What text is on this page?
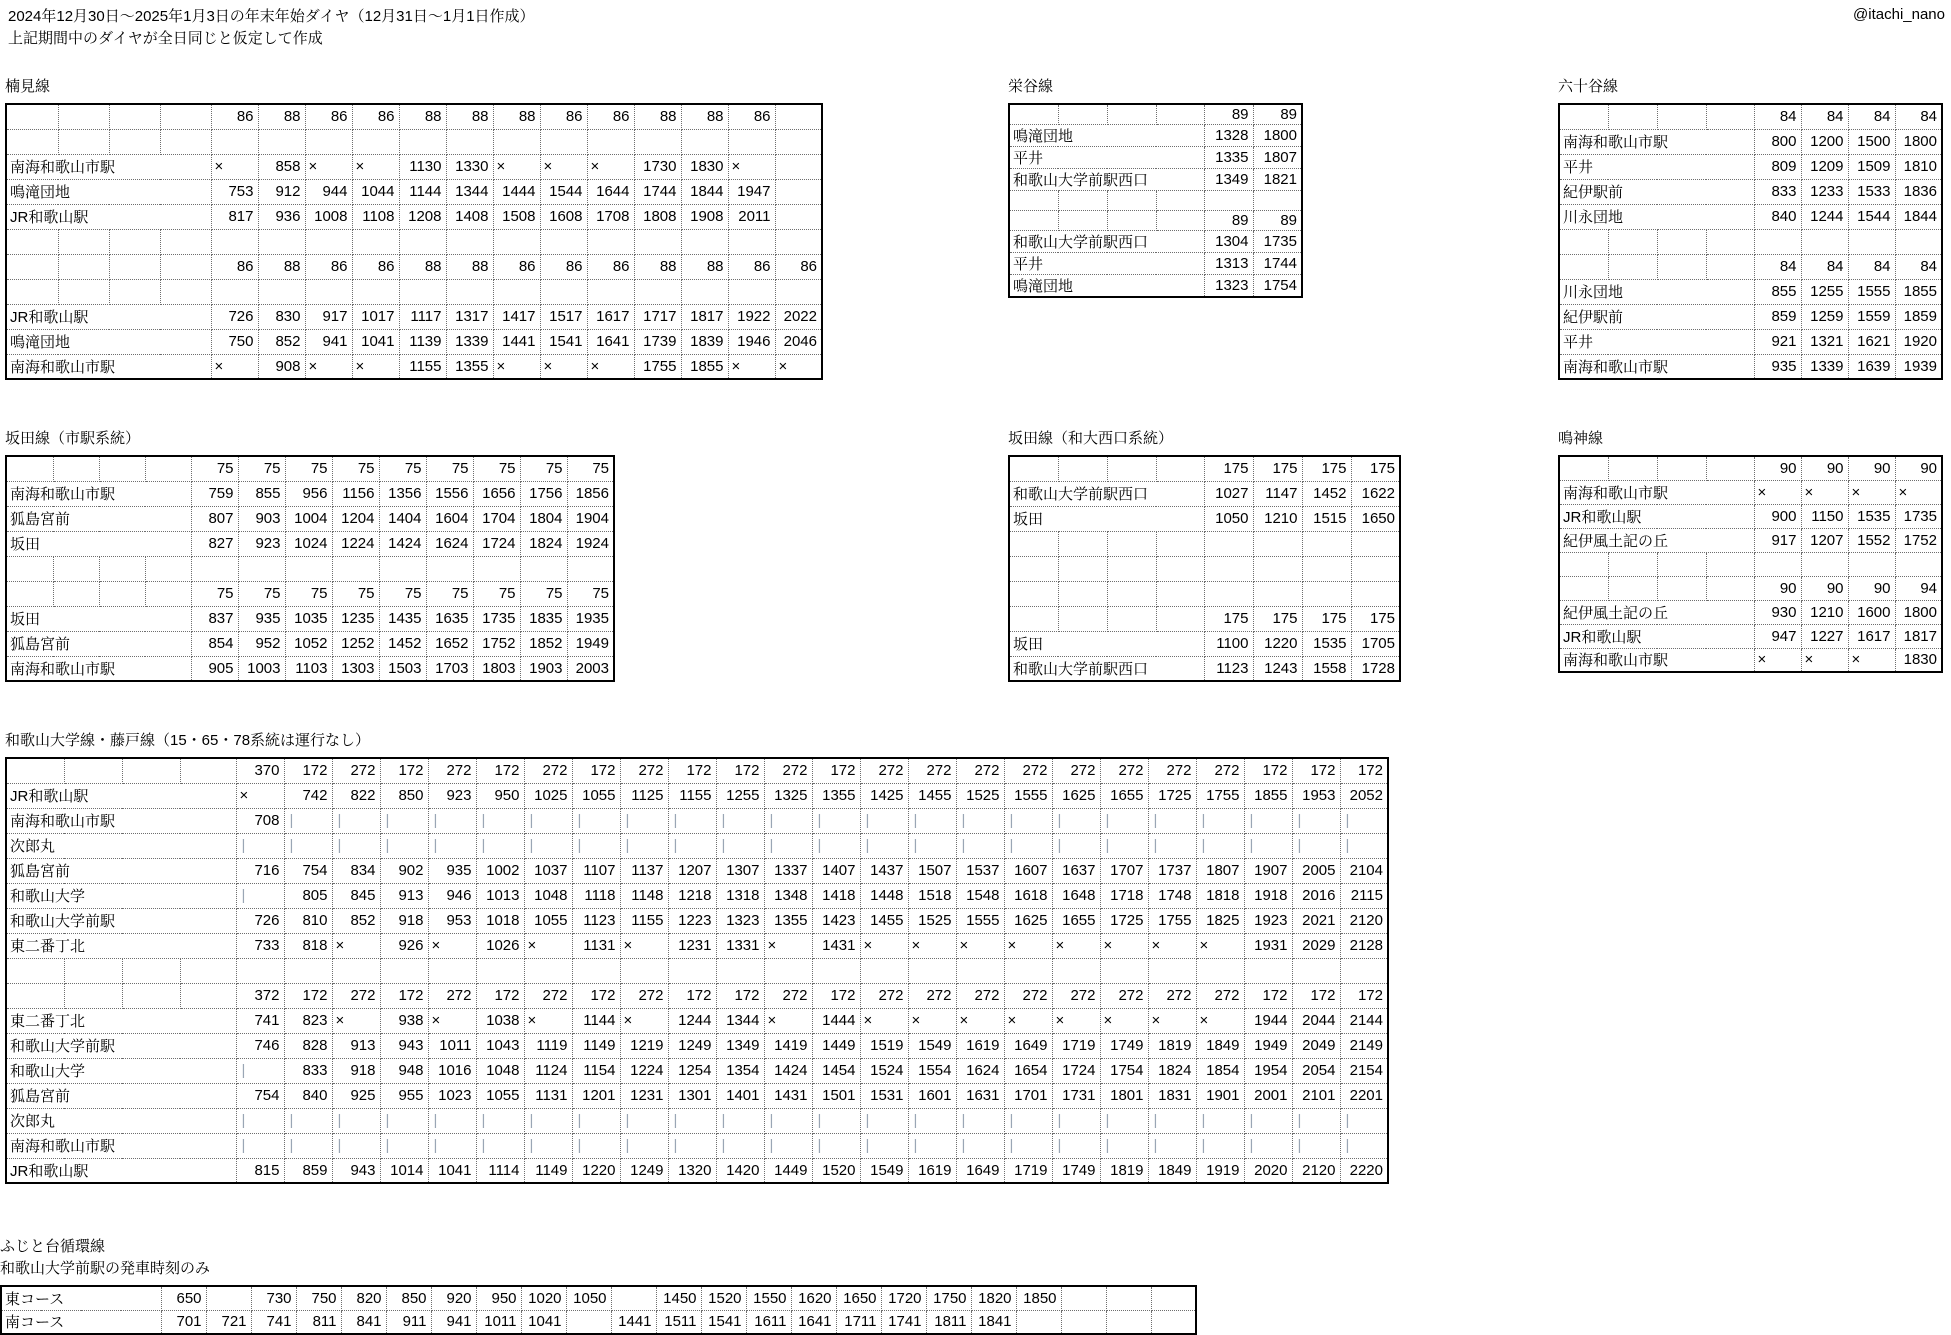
2024年12月30日～2025年1月3日の年末年始ダイヤ（12月31日～1月1日作成）
上記期間中のダイヤが全日同じと仮定して作成
@itachi_nano
楠見線
				86	88	86	86	88	88	88	86	86	88	88	86	

南海和歌山市駅				×	858	×	×	1130	1330	×	×	×	1730	1830	×	
鳴滝団地				753	912	944	1044	1144	1344	1444	1544	1644	1744	1844	1947	
JR和歌山駅				817	936	1008	1108	1208	1408	1508	1608	1708	1808	1908	2011	

				86	88	86	86	88	88	86	86	86	88	88	86	86

JR和歌山駅				726	830	917	1017	1117	1317	1417	1517	1617	1717	1817	1922	2022
鳴滝団地				750	852	941	1041	1139	1339	1441	1541	1641	1739	1839	1946	2046
南海和歌山市駅				×	908	×	×	1155	1355	×	×	×	1755	1855	×	×
栄谷線
				89	89
鳴滝団地				1328	1800
平井				1335	1807
和歌山大学前駅西口				1349	1821

				89	89
和歌山大学前駅西口				1304	1735
平井				1313	1744
鳴滝団地				1323	1754
六十谷線
				84	84	84	84
南海和歌山市駅				800	1200	1500	1800
平井				809	1209	1509	1810
紀伊駅前				833	1233	1533	1836
川永団地				840	1244	1544	1844

				84	84	84	84
川永団地				855	1255	1555	1855
紀伊駅前				859	1259	1559	1859
平井				921	1321	1621	1920
南海和歌山市駅				935	1339	1639	1939
坂田線（市駅系統）
				75	75	75	75	75	75	75	75	75
南海和歌山市駅				759	855	956	1156	1356	1556	1656	1756	1856
狐島宮前				807	903	1004	1204	1404	1604	1704	1804	1904
坂田				827	923	1024	1224	1424	1624	1724	1824	1924

				75	75	75	75	75	75	75	75	75
坂田				837	935	1035	1235	1435	1635	1735	1835	1935
狐島宮前				854	952	1052	1252	1452	1652	1752	1852	1949
南海和歌山市駅				905	1003	1103	1303	1503	1703	1803	1903	2003
坂田線（和大西口系統）
				175	175	175	175
和歌山大学前駅西口				1027	1147	1452	1622
坂田				1050	1210	1515	1650

				175	175	175	175
坂田				1100	1220	1535	1705
和歌山大学前駅西口				1123	1243	1558	1728
鳴神線
				90	90	90	90
南海和歌山市駅				×	×	×	×
JR和歌山駅				900	1150	1535	1735
紀伊風土記の丘				917	1207	1552	1752

				90	90	90	94
紀伊風土記の丘				930	1210	1600	1800
JR和歌山駅				947	1227	1617	1817
南海和歌山市駅				×	×	×	1830
和歌山大学線・藤戸線（15・65・78系統は運行なし）
				370	172	272	172	272	172	272	172	272	172	172	272	172	272	272	272	272	272	272	272	272	172	172	172
JR和歌山駅				×	742	822	850	923	950	1025	1055	1125	1155	1255	1325	1355	1425	1455	1525	1555	1625	1655	1725	1755	1855	1953	2052
南海和歌山市駅				708	|	|	|	|	|	|	|	|	|	|	|	|	|	|	|	|	|	|	|	|	|	|	|
次郎丸				|	|	|	|	|	|	|	|	|	|	|	|	|	|	|	|	|	|	|	|	|	|	|	|
狐島宮前				716	754	834	902	935	1002	1037	1107	1137	1207	1307	1337	1407	1437	1507	1537	1607	1637	1707	1737	1807	1907	2005	2104
和歌山大学				|	805	845	913	946	1013	1048	1118	1148	1218	1318	1348	1418	1448	1518	1548	1618	1648	1718	1748	1818	1918	2016	2115
和歌山大学前駅				726	810	852	918	953	1018	1055	1123	1155	1223	1323	1355	1423	1455	1525	1555	1625	1655	1725	1755	1825	1923	2021	2120
東二番丁北				733	818	×	926	×	1026	×	1131	×	1231	1331	×	1431	×	×	×	×	×	×	×	×	1931	2029	2128

				372	172	272	172	272	172	272	172	272	172	172	272	172	272	272	272	272	272	272	272	272	172	172	172
東二番丁北				741	823	×	938	×	1038	×	1144	×	1244	1344	×	1444	×	×	×	×	×	×	×	×	1944	2044	2144
和歌山大学前駅				746	828	913	943	1011	1043	1119	1149	1219	1249	1349	1419	1449	1519	1549	1619	1649	1719	1749	1819	1849	1949	2049	2149
和歌山大学				|	833	918	948	1016	1048	1124	1154	1224	1254	1354	1424	1454	1524	1554	1624	1654	1724	1754	1824	1854	1954	2054	2154
狐島宮前				754	840	925	955	1023	1055	1131	1201	1231	1301	1401	1431	1501	1531	1601	1631	1701	1731	1801	1831	1901	2001	2101	2201
次郎丸				|	|	|	|	|	|	|	|	|	|	|	|	|	|	|	|	|	|	|	|	|	|	|	|
南海和歌山市駅				|	|	|	|	|	|	|	|	|	|	|	|	|	|	|	|	|	|	|	|	|	|	|	|
JR和歌山駅				815	859	943	1014	1041	1114	1149	1220	1249	1320	1420	1449	1520	1549	1619	1649	1719	1749	1819	1849	1919	2020	2120	2220
ふじと台循環線
和歌山大学前駅の発車時刻のみ
東コース	650		730	750	820	850	920	950	1020	1050		1450	1520	1550	1620	1650	1720	1750	1820	1850			
南コース	701	721	741	811	841	911	941	1011	1041		1441	1511	1541	1611	1641	1711	1741	1811	1841				
